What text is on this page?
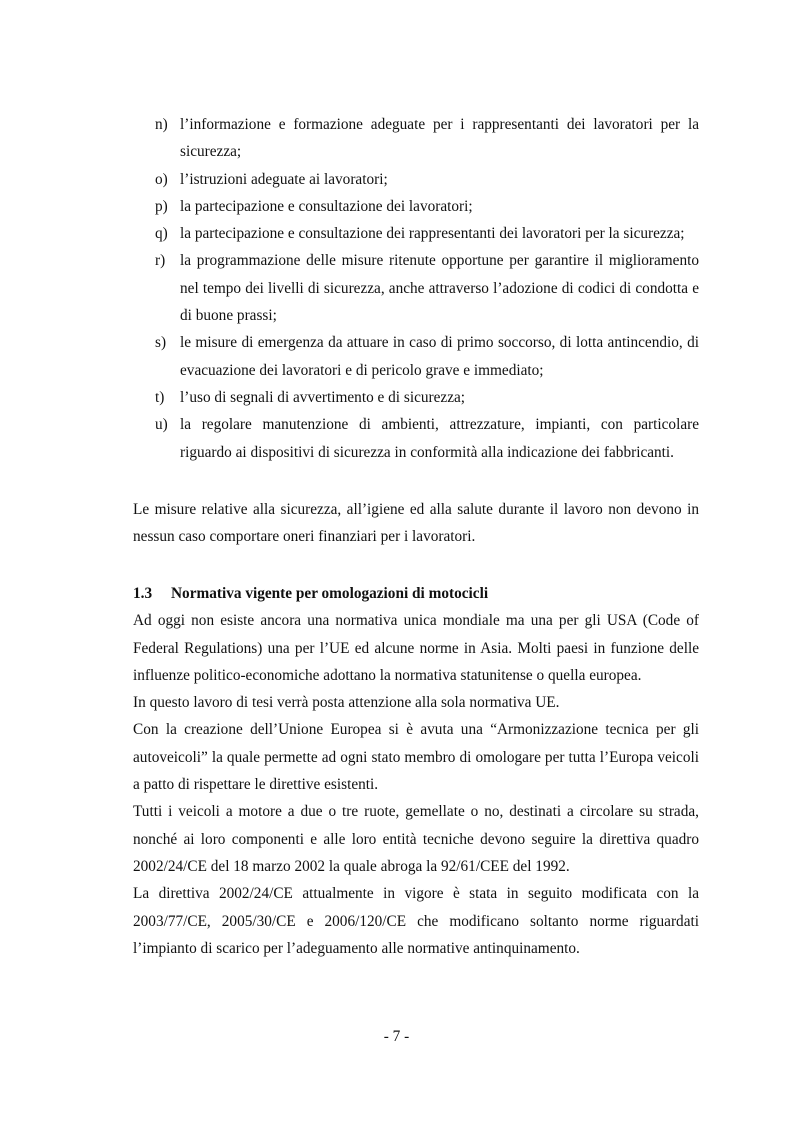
n) l’informazione e formazione adeguate per i rappresentanti dei lavoratori per la sicurezza;
o) l’istruzioni adeguate ai lavoratori;
p) la partecipazione e consultazione dei lavoratori;
q) la partecipazione e consultazione dei rappresentanti dei lavoratori per la sicurezza;
r) la programmazione delle misure ritenute opportune per garantire il miglioramento nel tempo dei livelli di sicurezza, anche attraverso l’adozione di codici di condotta e di buone prassi;
s) le misure di emergenza da attuare in caso di primo soccorso, di lotta antincendio, di evacuazione dei lavoratori e di pericolo grave e immediato;
t) l’uso di segnali di avvertimento e di sicurezza;
u) la regolare manutenzione di ambienti, attrezzature, impianti, con particolare riguardo ai dispositivi di sicurezza in conformità alla indicazione dei fabbricanti.

Le misure relative alla sicurezza, all’igiene ed alla salute durante il lavoro non devono in nessun caso comportare oneri finanziari per i lavoratori.

1.3 Normativa vigente per omologazioni di motocicli

Ad oggi non esiste ancora una normativa unica mondiale ma una per gli USA (Code of Federal Regulations) una per l’UE ed alcune norme in Asia. Molti paesi in funzione delle influenze politico-economiche adottano la normativa statunitense o quella europea.

In questo lavoro di tesi verrà posta attenzione alla sola normativa UE.

Con la creazione dell’Unione Europea si è avuta una “Armonizzazione tecnica per gli autoveicoli” la quale permette ad ogni stato membro di omologare per tutta l’Europa veicoli a patto di rispettare le direttive esistenti.

Tutti i veicoli a motore a due o tre ruote, gemellate o no, destinati a circolare su strada, nonché ai loro componenti e alle loro entità tecniche devono seguire la direttiva quadro 2002/24/CE del 18 marzo 2002 la quale abroga la 92/61/CEE del 1992.

La direttiva 2002/24/CE attualmente in vigore è stata in seguito modificata con la 2003/77/CE, 2005/30/CE e 2006/120/CE che modificano soltanto norme riguardati l’impianto di scarico per l’adeguamento alle normative antinquinamento.

- 7 -
